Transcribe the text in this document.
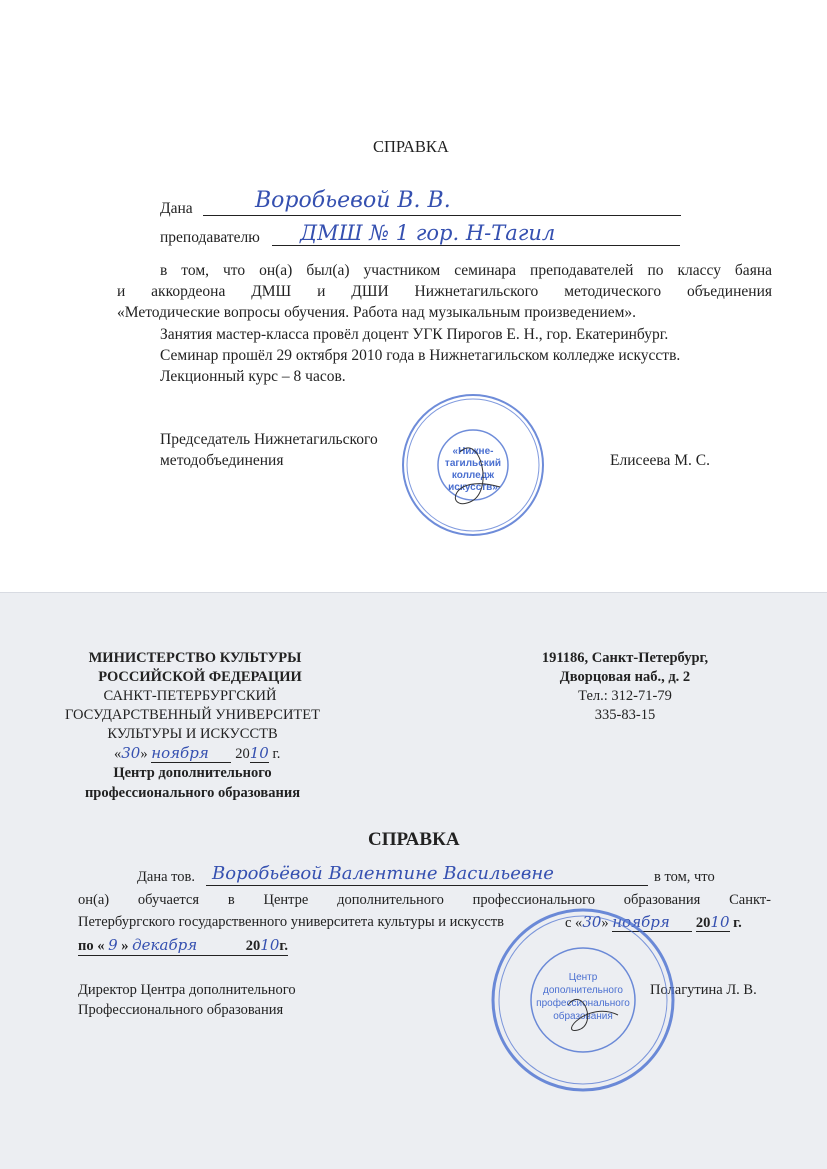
СПРАВКА
Дана	Воробьевой В. В.
преподавателю ДМШ № 1 гор. Н-Тагил
в том, что он(а) был(а) участником семинара преподавателей по классу баяна
и аккордеона ДМШ и ДШИ Нижнетагильского методического объединения
«Методические вопросы обучения. Работа над музыкальным произведением».
Занятия мастер-класса провёл доцент УГК Пирогов Е. Н., гор. Екатеринбург.
Семинар прошёл 29 октября 2010 года в Нижнетагильском колледже искусств.
Лекционный курс – 8 часов.
Председатель Нижнетагильского
методобъединения	Елисеева М. С.
«Нижне-
тагильский
колледж
искусств»
МИНИСТЕРСТВО КУЛЬТУРЫ
РОССИЙСКОЙ ФЕДЕРАЦИИ
САНКТ-ПЕТЕРБУРГСКИЙ
ГОСУДАРСТВЕННЫЙ УНИВЕРСИТЕТ
КУЛЬТУРЫ И ИСКУССТВ
«30» ноября 2010 г.
Центр дополнительного
профессионального образования
191186, Санкт-Петербург,
Дворцовая наб., д. 2
Тел.: 312-71-79
335-83-15
СПРАВКА
Дана тов. Воробьёвой Валентине Васильевне	в том, что
он(а) обучается в Центре дополнительного профессионального образования Санкт-
Петербургского государственного университета культуры и искусств	с «30» ноября 2010 г.
по « 9 » декабря	2010г.
Директор Центра дополнительного
Профессионального образования
Полагутина Л. В.
Центр
дополнительного
профессионального
образования
